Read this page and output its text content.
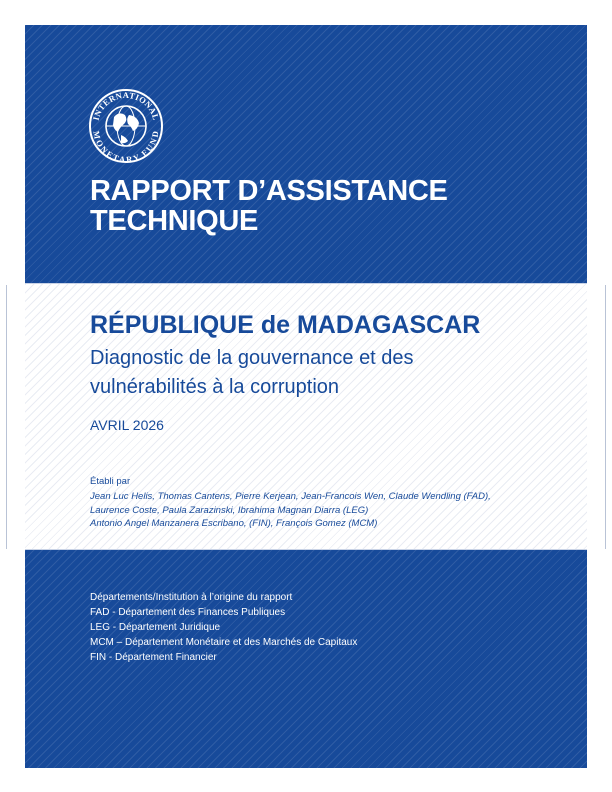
INTERNATIONAL
MONETARY FUND
RAPPORT D’ASSISTANCE
TECHNIQUE
RÉPUBLIQUE de MADAGASCAR
Diagnostic de la gouvernance et des
vulnérabilités à la corruption
AVRIL 2026
Établi par
Jean Luc Helis, Thomas Cantens, Pierre Kerjean, Jean-Francois Wen, Claude Wendling (FAD),
Laurence Coste, Paula Zarazinski, Ibrahima Magnan Diarra (LEG)
Antonio Angel Manzanera Escribano, (FIN), François Gomez (MCM)
Départements/Institution à l’origine du rapport
FAD - Département des Finances Publiques
LEG - Département Juridique
MCM – Département Monétaire et des Marchés de Capitaux
FIN - Département Financier
